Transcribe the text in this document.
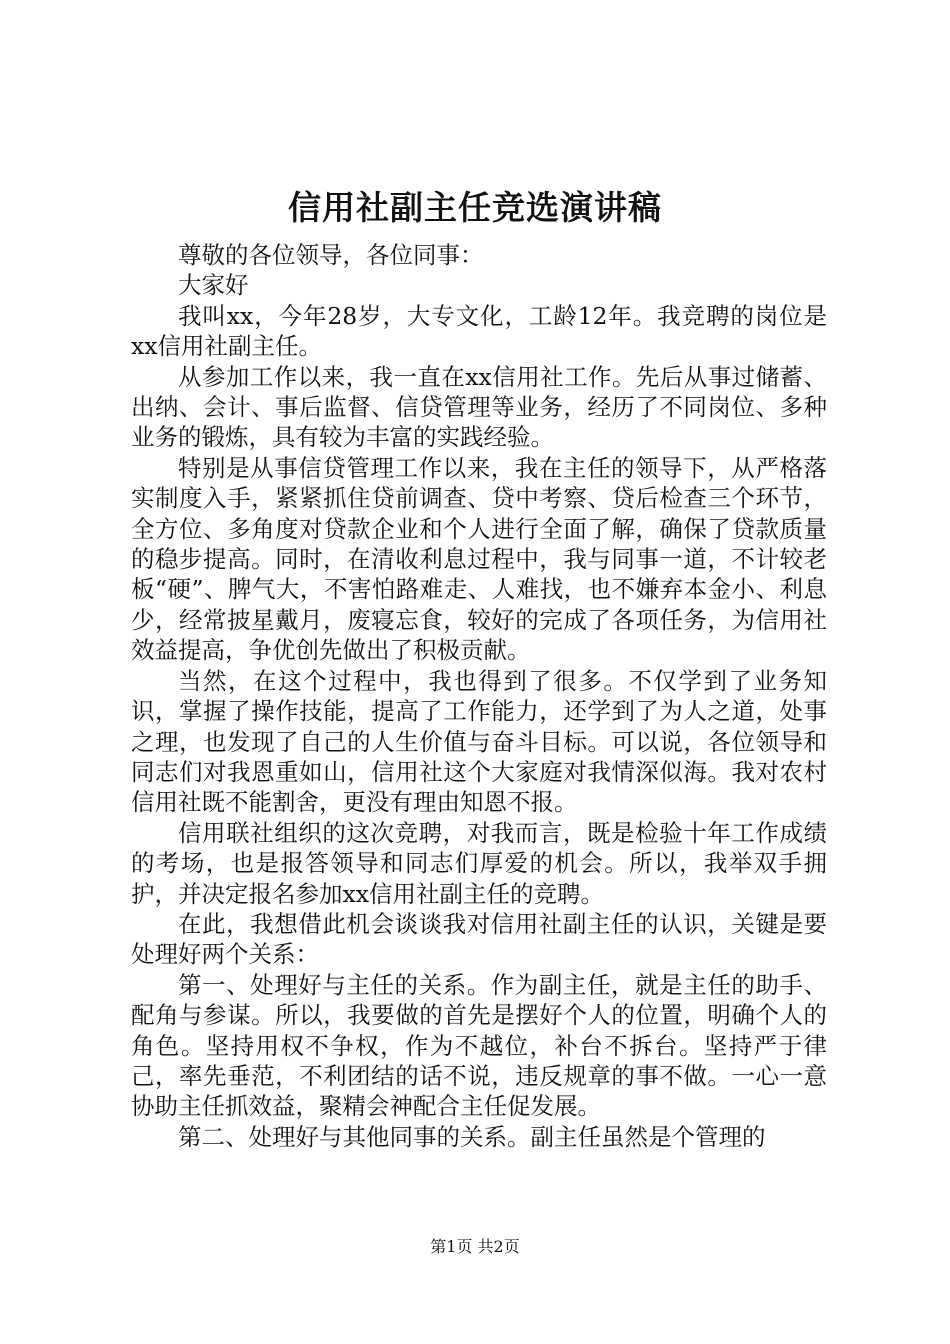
信用社副主任竞选演讲稿

尊敬的各位领导，各位同事：

大家好

我叫xx，今年28岁，大专文化，工龄12年。我竞聘的岗位是xx信用社副主任。

从参加工作以来，我一直在xx信用社工作。先后从事过储蓄、出纳、会计、事后监督、信贷管理等业务，经历了不同岗位、多种业务的锻炼，具有较为丰富的实践经验。

特别是从事信贷管理工作以来，我在主任的领导下，从严格落实制度入手，紧紧抓住贷前调查、贷中考察、贷后检查三个环节，全方位、多角度对贷款企业和个人进行全面了解，确保了贷款质量的稳步提高。同时，在清收利息过程中，我与同事一道，不计较老板“硬”、脾气大，不害怕路难走、人难找，也不嫌弃本金小、利息少，经常披星戴月，废寝忘食，较好的完成了各项任务，为信用社效益提高，争优创先做出了积极贡献。

当然，在这个过程中，我也得到了很多。不仅学到了业务知识，掌握了操作技能，提高了工作能力，还学到了为人之道，处事之理，也发现了自己的人生价值与奋斗目标。可以说，各位领导和同志们对我恩重如山，信用社这个大家庭对我情深似海。我对农村信用社既不能割舍，更没有理由知恩不报。

信用联社组织的这次竞聘，对我而言，既是检验十年工作成绩的考场，也是报答领导和同志们厚爱的机会。所以，我举双手拥护，并决定报名参加xx信用社副主任的竞聘。

在此，我想借此机会谈谈我对信用社副主任的认识，关键是要处理好两个关系：

第一、处理好与主任的关系。作为副主任，就是主任的助手、配角与参谋。所以，我要做的首先是摆好个人的位置，明确个人的角色。坚持用权不争权，作为不越位，补台不拆台。坚持严于律己，率先垂范，不利团结的话不说，违反规章的事不做。一心一意协助主任抓效益，聚精会神配合主任促发展。

第二、处理好与其他同事的关系。副主任虽然是个管理的

第1页 共2页
